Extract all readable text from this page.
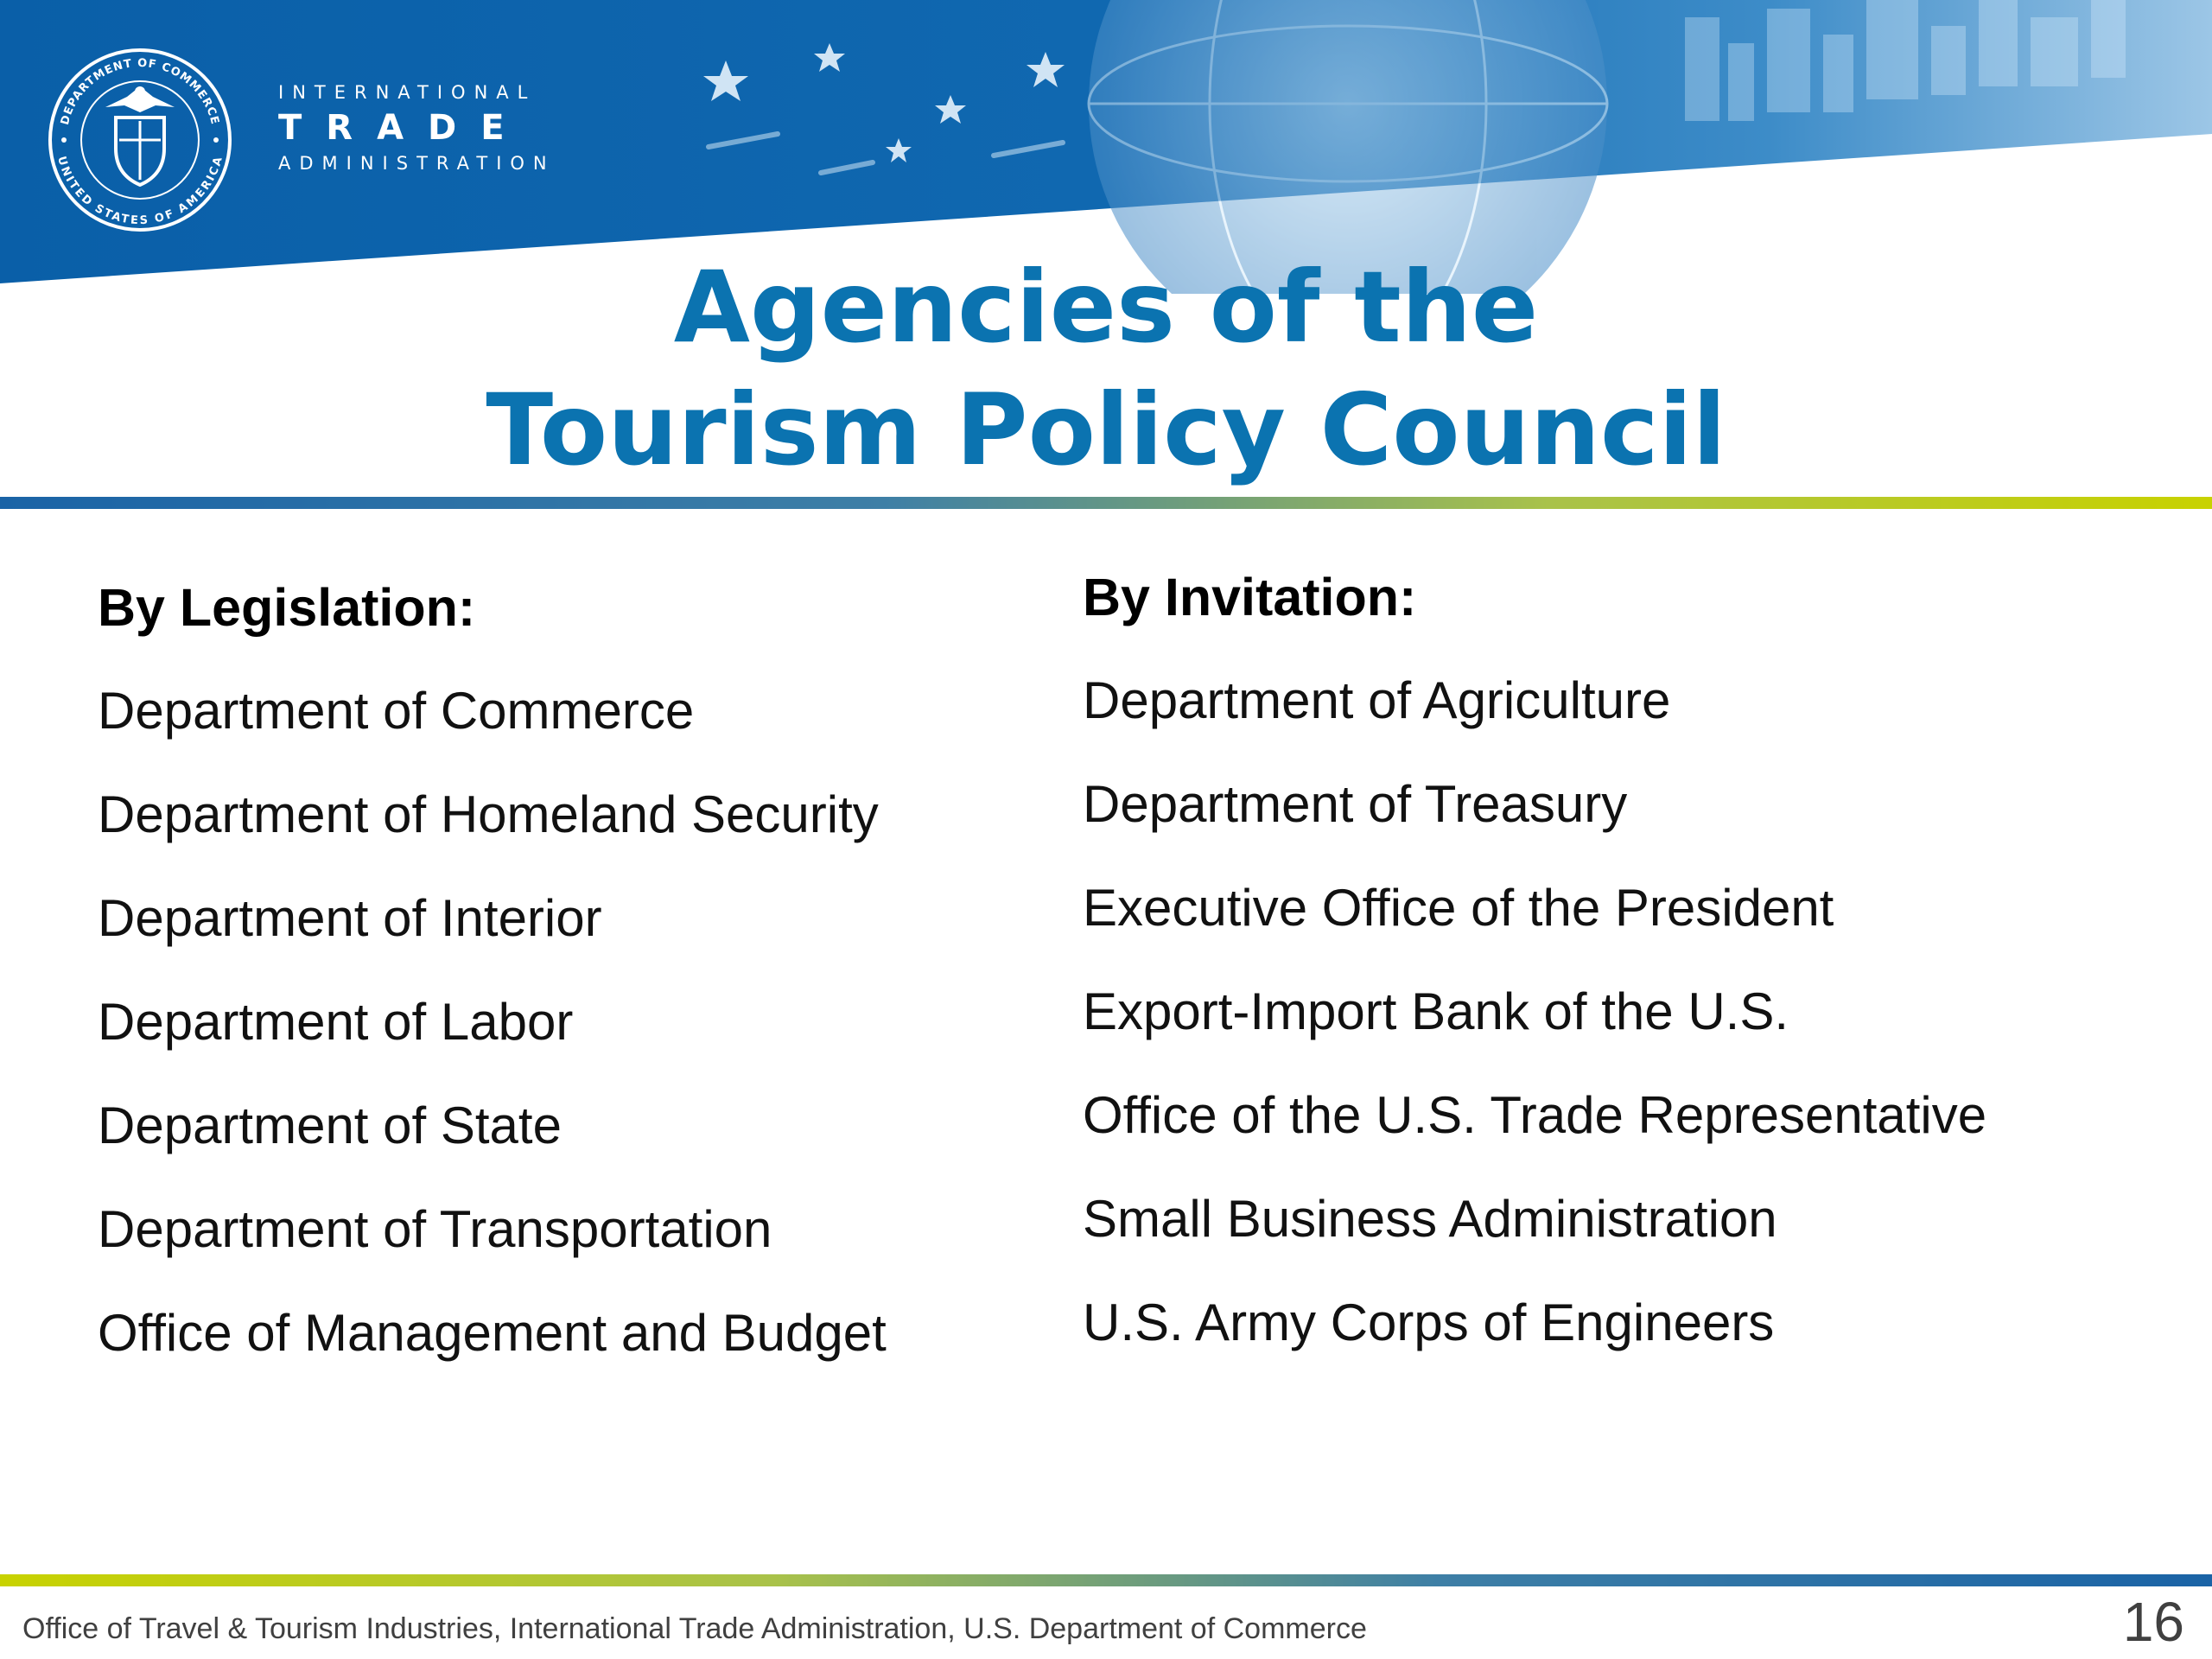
DEPARTMENT OF COMMERCE
UNITED STATES OF AMERICA
INTERNATIONAL
TRADE
ADMINISTRATION
Agencies of the
Tourism Policy Council
By Legislation:
Department of Commerce
Department of Homeland Security
Department of Interior
Department of Labor
Department of State
Department of Transportation
Office of Management and Budget
By Invitation:
Department of Agriculture
Department of Treasury
Executive Office of the President
Export-Import Bank of the U.S.
Office of the U.S. Trade Representative
Small Business Administration
U.S. Army Corps of Engineers
Office of Travel & Tourism Industries, International Trade Administration, U.S. Department of Commerce	16
